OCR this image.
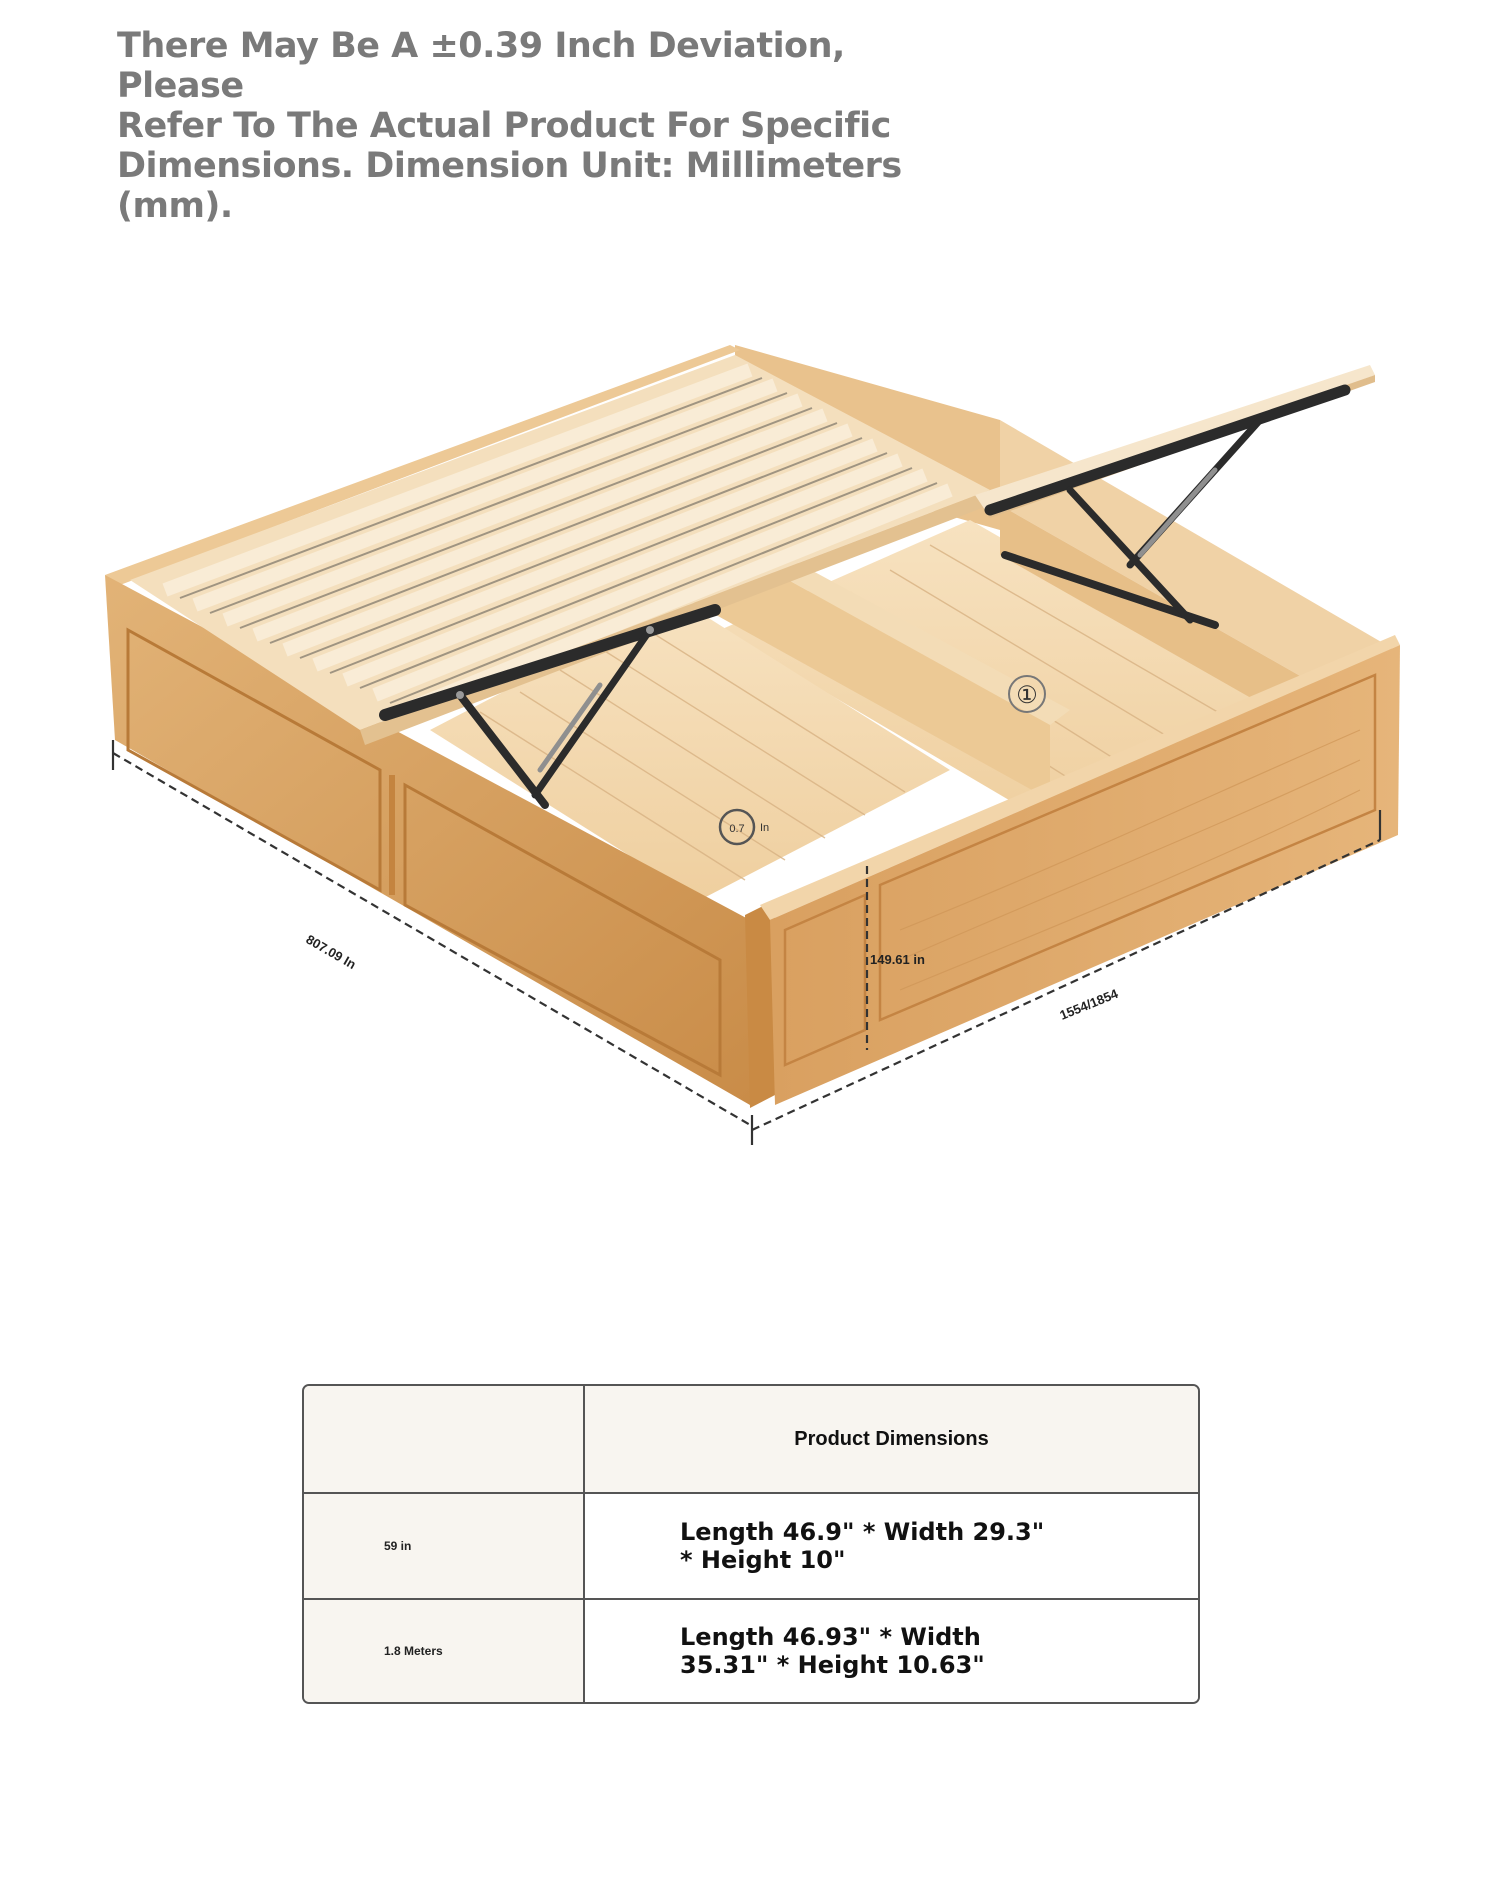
There May Be A ±0.39 Inch Deviation, Please
Refer To The Actual Product For Specific
Dimensions. Dimension Unit: Millimeters (mm).
①
0.7 In
807.09 In	149.61 in
1554/1854
	Product Dimensions

59 in	Length 46.9" * Width 29.3" * Height 10"

1.8 Meters	Length 46.93" * Width 35.31" * Height 10.63"
